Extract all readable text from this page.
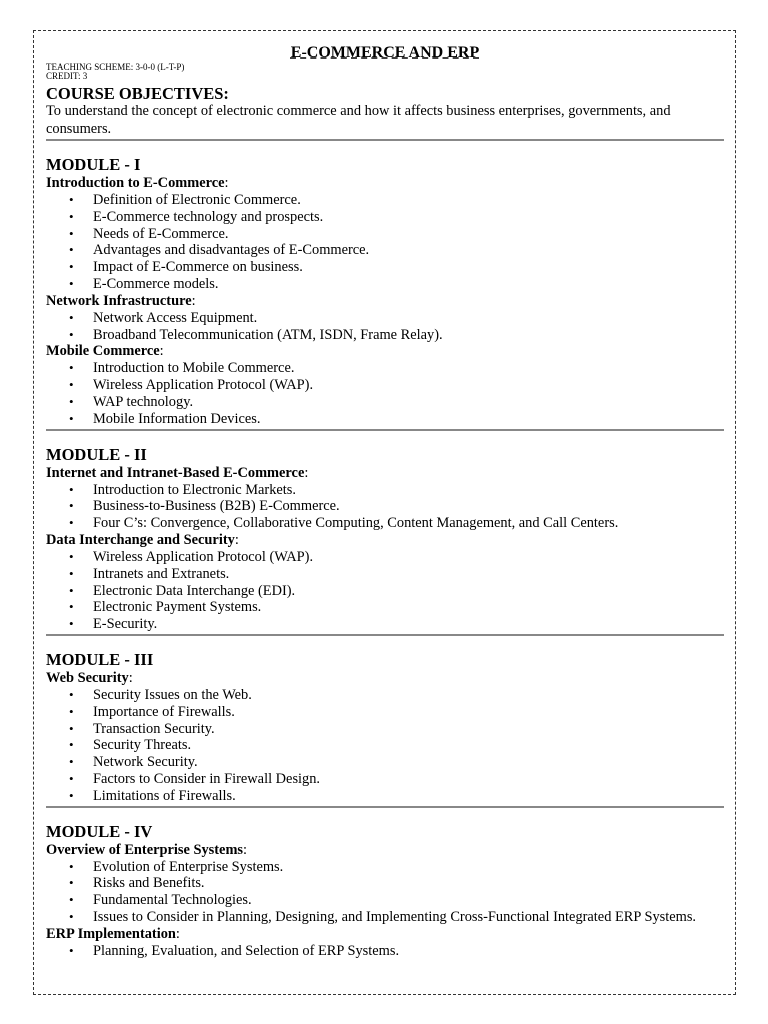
E-COMMERCE AND ERP

TEACHING SCHEME: 3-0-0 (L-T-P)

CREDIT: 3

COURSE OBJECTIVES:

To understand the concept of electronic commerce and how it affects business enterprises, governments, and consumers.

MODULE - I

Introduction to E-Commerce:

• Definition of Electronic Commerce.
• E-Commerce technology and prospects.
• Needs of E-Commerce.
• Advantages and disadvantages of E-Commerce.
• Impact of E-Commerce on business.
• E-Commerce models.

Network Infrastructure:

• Network Access Equipment.
• Broadband Telecommunication (ATM, ISDN, Frame Relay).

Mobile Commerce:

• Introduction to Mobile Commerce.
• Wireless Application Protocol (WAP).
• WAP technology.
• Mobile Information Devices.
MODULE - II

Internet and Intranet-Based E-Commerce:

• Introduction to Electronic Markets.
• Business-to-Business (B2B) E-Commerce.
• Four C’s: Convergence, Collaborative Computing, Content Management, and Call Centers.

Data Interchange and Security:

• Wireless Application Protocol (WAP).
• Intranets and Extranets.
• Electronic Data Interchange (EDI).
• Electronic Payment Systems.
• E-Security.
MODULE - III

Web Security:

• Security Issues on the Web.
• Importance of Firewalls.
• Transaction Security.
• Security Threats.
• Network Security.
• Factors to Consider in Firewall Design.
• Limitations of Firewalls.
MODULE - IV

Overview of Enterprise Systems:

• Evolution of Enterprise Systems.
• Risks and Benefits.
• Fundamental Technologies.
• Issues to Consider in Planning, Designing, and Implementing Cross-Functional Integrated ERP Systems.

ERP Implementation:

• Planning, Evaluation, and Selection of ERP Systems.
